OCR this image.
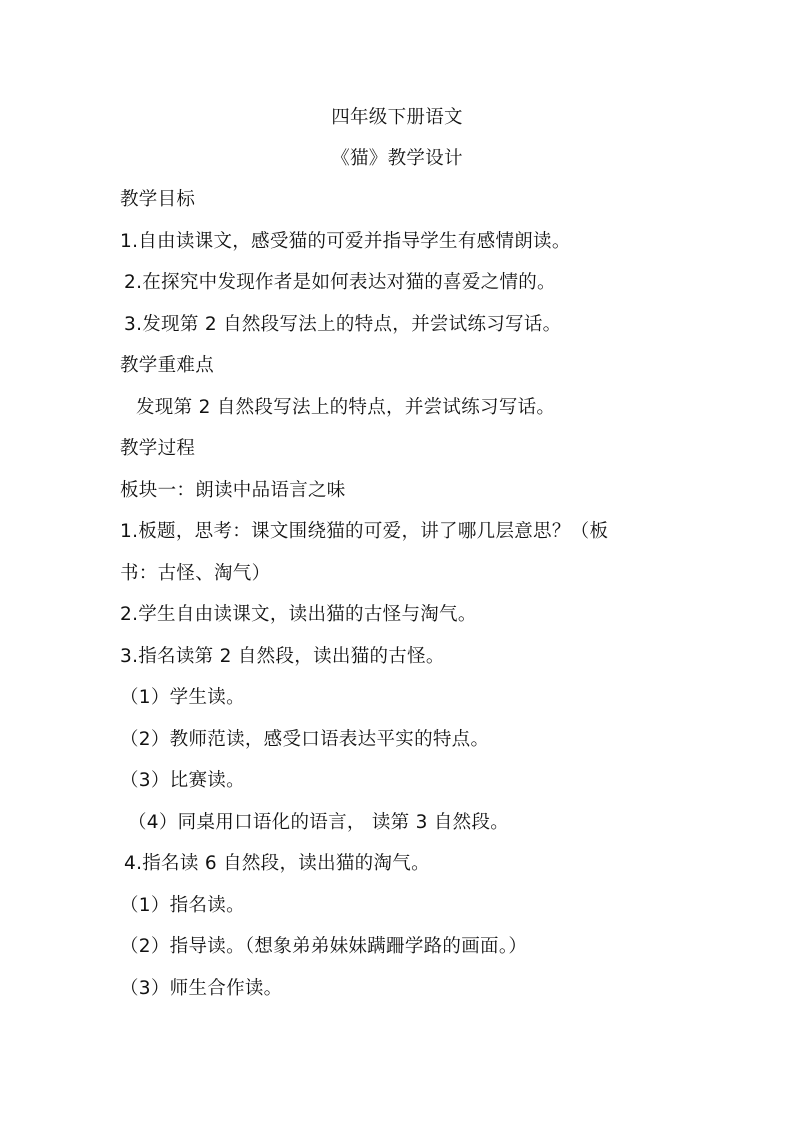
四年级下册语文
《猫》教学设计
教学目标
1.自由读课文，感受猫的可爱并指导学生有感情朗读。
2.在探究中发现作者是如何表达对猫的喜爱之情的。
3.发现第 2 自然段写法上的特点，并尝试练习写话。
教学重难点
发现第 2 自然段写法上的特点，并尝试练习写话。
教学过程
板块一：朗读中品语言之味
1.板题，思考：课文围绕猫的可爱，讲了哪几层意思？（板
书：古怪、淘气）
2.学生自由读课文，读出猫的古怪与淘气。
3.指名读第 2 自然段，读出猫的古怪。
（1）学生读。
（2）教师范读，感受口语表达平实的特点。
（3）比赛读。
（4）同桌用口语化的语言， 读第 3 自然段。
4.指名读 6 自然段，读出猫的淘气。
（1）指名读。
（2）指导读。（想象弟弟妹妹蹒跚学路的画面。）
（3）师生合作读。
